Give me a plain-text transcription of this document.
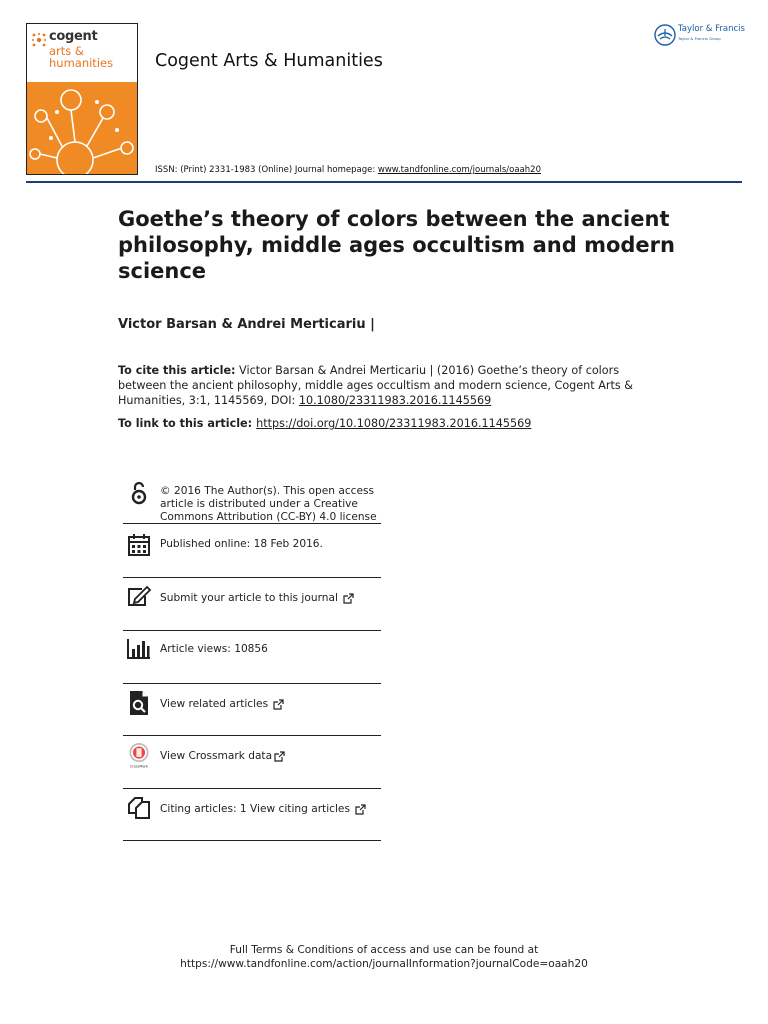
cogent
arts &
humanities Cogent Arts & Humanities
Taylor & Francis
Taylor & Francis Group
ISSN: (Print) 2331-1983 (Online) Journal homepage: www.tandfonline.com/journals/oaah20
Goethe’s theory of colors between the ancient philosophy, middle ages occultism and modern science
Victor Barsan & Andrei Merticariu |
To cite this article: Victor Barsan & Andrei Merticariu | (2016) Goethe’s theory of colors between the ancient philosophy, middle ages occultism and modern science, Cogent Arts & Humanities, 3:1, 1145569, DOI: 10.1080/23311983.2016.1145569
To link to this article: https://doi.org/10.1080/23311983.2016.1145569
© 2016 The Author(s). This open access
article is distributed under a Creative
Commons Attribution (CC-BY) 4.0 license
Published online: 18 Feb 2016.
Submit your article to this journal
Article views: 10856
View related articles
CrossMark
View Crossmark data
Citing articles: 1 View citing articles
Full Terms & Conditions of access and use can be found at
https://www.tandfonline.com/action/journalInformation?journalCode=oaah20
